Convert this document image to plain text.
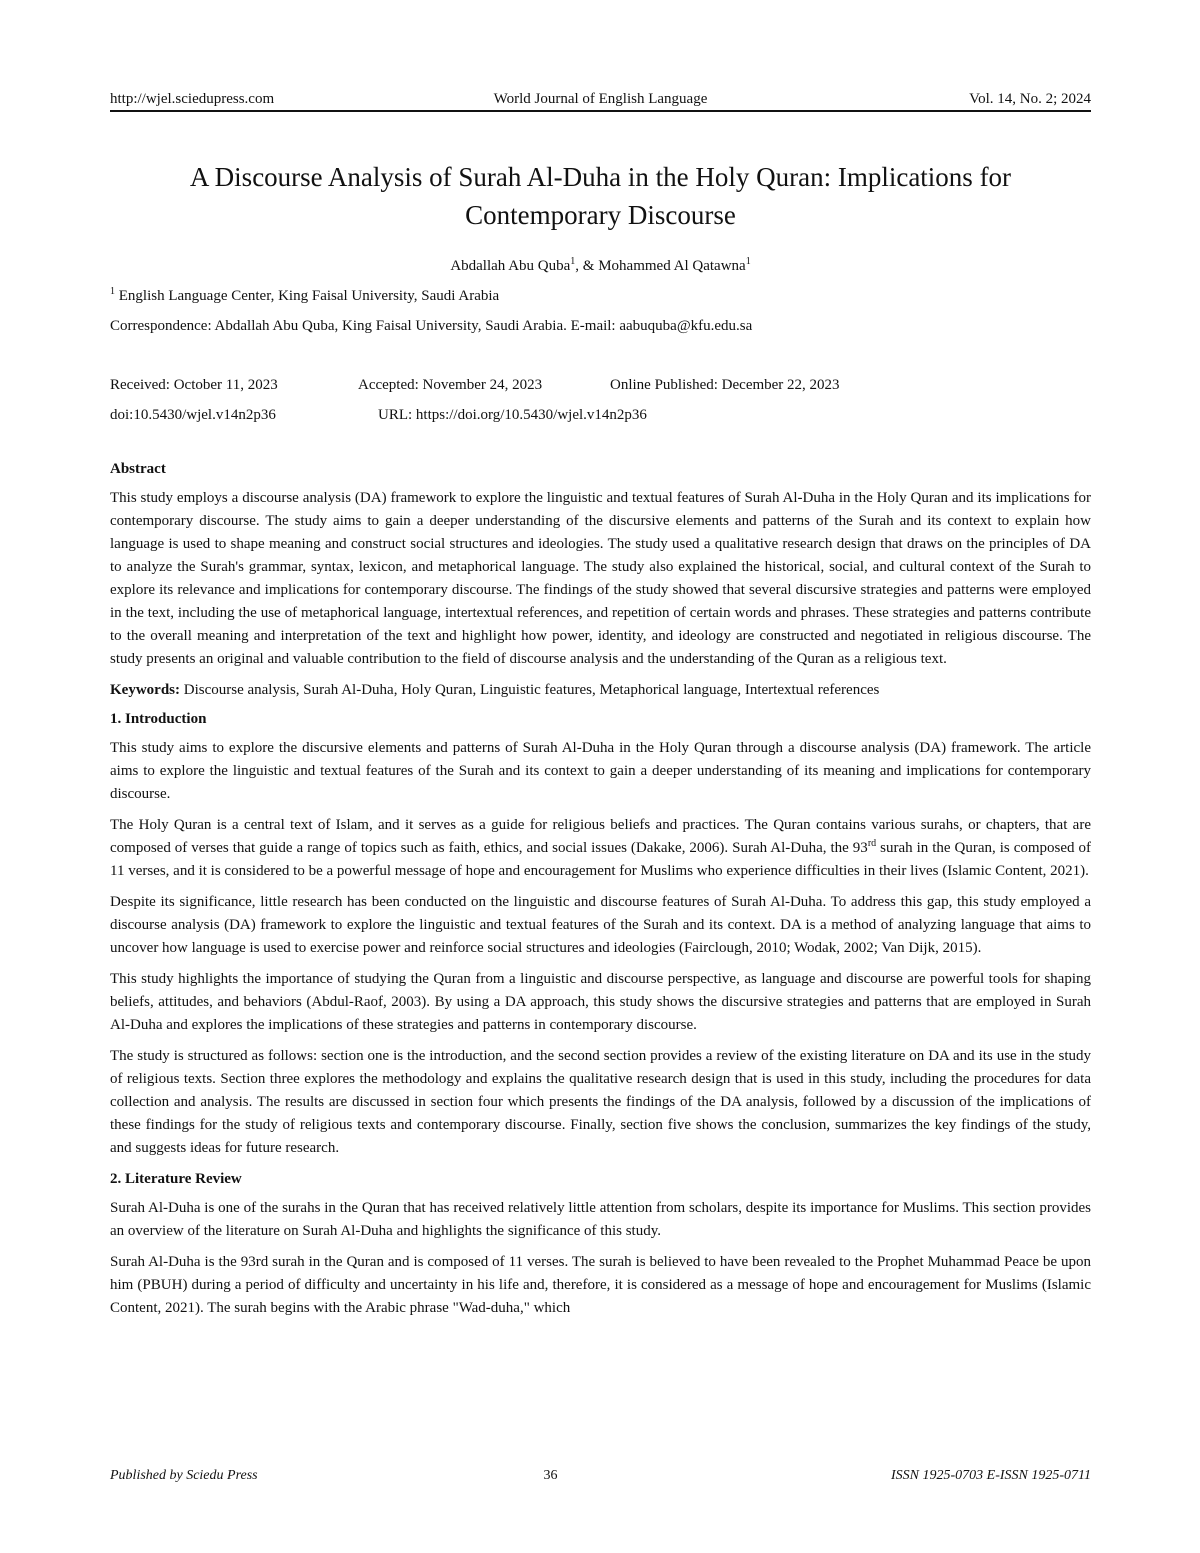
http://wjel.sciedupress.com	World Journal of English Language	Vol. 14, No. 2; 2024
A Discourse Analysis of Surah Al-Duha in the Holy Quran: Implications for Contemporary Discourse
Abdallah Abu Quba$^1$, & Mohammed Al Qatawna$^1$
$^1$ English Language Center, King Faisal University, Saudi Arabia
Correspondence: Abdallah Abu Quba, King Faisal University, Saudi Arabia. E-mail: aabuquba@kfu.edu.sa
Received: October 11, 2023	Accepted: November 24, 2023	Online Published: December 22, 2023
doi:10.5430/wjel.v14n2p36	URL: https://doi.org/10.5430/wjel.v14n2p36

Abstract

This study employs a discourse analysis (DA) framework to explore the linguistic and textual features of Surah Al-Duha in the Holy Quran and its implications for contemporary discourse. The study aims to gain a deeper understanding of the discursive elements and patterns of the Surah and its context to explain how language is used to shape meaning and construct social structures and ideologies. The study used a qualitative research design that draws on the principles of DA to analyze the Surah's grammar, syntax, lexicon, and metaphorical language. The study also explained the historical, social, and cultural context of the Surah to explore its relevance and implications for contemporary discourse. The findings of the study showed that several discursive strategies and patterns were employed in the text, including the use of metaphorical language, intertextual references, and repetition of certain words and phrases. These strategies and patterns contribute to the overall meaning and interpretation of the text and highlight how power, identity, and ideology are constructed and negotiated in religious discourse. The study presents an original and valuable contribution to the field of discourse analysis and the understanding of the Quran as a religious text.

Keywords: Discourse analysis, Surah Al-Duha, Holy Quran, Linguistic features, Metaphorical language, Intertextual references

1. Introduction

This study aims to explore the discursive elements and patterns of Surah Al-Duha in the Holy Quran through a discourse analysis (DA) framework. The article aims to explore the linguistic and textual features of the Surah and its context to gain a deeper understanding of its meaning and implications for contemporary discourse.

The Holy Quran is a central text of Islam, and it serves as a guide for religious beliefs and practices. The Quran contains various surahs, or chapters, that are composed of verses that guide a range of topics such as faith, ethics, and social issues (Dakake, 2006). Surah Al-Duha, the 93rd surah in the Quran, is composed of 11 verses, and it is considered to be a powerful message of hope and encouragement for Muslims who experience difficulties in their lives (Islamic Content, 2021).

Despite its significance, little research has been conducted on the linguistic and discourse features of Surah Al-Duha. To address this gap, this study employed a discourse analysis (DA) framework to explore the linguistic and textual features of the Surah and its context. DA is a method of analyzing language that aims to uncover how language is used to exercise power and reinforce social structures and ideologies (Fairclough, 2010; Wodak, 2002; Van Dijk, 2015).

This study highlights the importance of studying the Quran from a linguistic and discourse perspective, as language and discourse are powerful tools for shaping beliefs, attitudes, and behaviors (Abdul-Raof, 2003). By using a DA approach, this study shows the discursive strategies and patterns that are employed in Surah Al-Duha and explores the implications of these strategies and patterns in contemporary discourse.

The study is structured as follows: section one is the introduction, and the second section provides a review of the existing literature on DA and its use in the study of religious texts. Section three explores the methodology and explains the qualitative research design that is used in this study, including the procedures for data collection and analysis. The results are discussed in section four which presents the findings of the DA analysis, followed by a discussion of the implications of these findings for the study of religious texts and contemporary discourse. Finally, section five shows the conclusion, summarizes the key findings of the study, and suggests ideas for future research.

2. Literature Review

Surah Al-Duha is one of the surahs in the Quran that has received relatively little attention from scholars, despite its importance for Muslims. This section provides an overview of the literature on Surah Al-Duha and highlights the significance of this study.

Surah Al-Duha is the 93rd surah in the Quran and is composed of 11 verses. The surah is believed to have been revealed to the Prophet Muhammad Peace be upon him (PBUH) during a period of difficulty and uncertainty in his life and, therefore, it is considered as a message of hope and encouragement for Muslims (Islamic Content, 2021). The surah begins with the Arabic phrase "Wad-duha," which

Published by Sciedu Press	36	ISSN 1925-0703 E-ISSN 1925-0711
